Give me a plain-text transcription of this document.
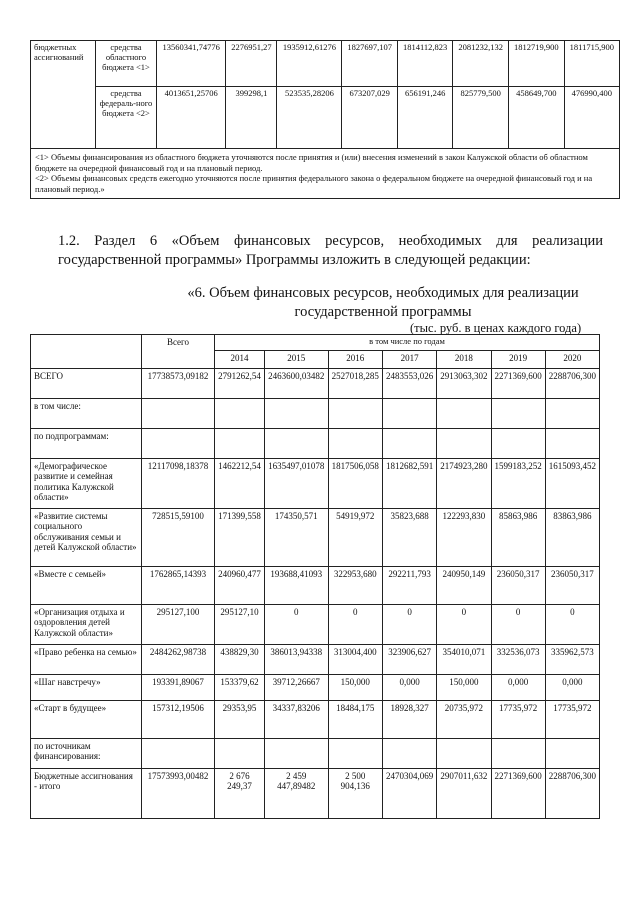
бюджетных ассигнований	средства областного бюджета <1>	13560341,74776	2276951,27	1935912,61276	1827697,107	1814112,823	2081232,132	1812719,900	1811715,900
	средства федераль-ного бюджета <2>	4013651,25706	399298,1	523535,28206	673207,029	656191,246	825779,500	458649,700	476990,400

<1> Объемы финансирования из областного бюджета уточняются после принятия и (или) внесения изменений в закон Калужской области об областном бюджете на очередной финансовый год и на плановый период.
<2> Объемы финансовых средств ежегодно уточняются после принятия федерального закона о федеральном бюджете на очередной финансовый год и на плановый период.»									
1.2. Раздел 6 «Объем финансовых ресурсов, необходимых для реализации государственной программы» Программы изложить в следующей редакции:
«6. Объем финансовых ресурсов, необходимых для реализации государственной программы
(тыс. руб. в ценах каждого года)
	Всего	в том числе по годам						
		2014	2015	2016	2017	2018	2019	2020
ВСЕГО	17738573,09182	2791262,54	2463600,03482	2527018,285	2483553,026	2913063,302	2271369,600	2288706,300
в том числе:								
по подпрограммам:								
«Демографическое развитие и семейная политика Калужской области»	12117098,18378	1462212,54	1635497,01078	1817506,058	1812682,591	2174923,280	1599183,252	1615093,452
«Развитие системы социального обслуживания семьи и детей Калужской области»	728515,59100	171399,558	174350,571	54919,972	35823,688	122293,830	85863,986	83863,986
«Вместе с семьей»	1762865,14393	240960,477	193688,41093	322953,680	292211,793	240950,149	236050,317	236050,317
«Организация отдыха и оздоровления детей Калужской области»	295127,100	295127,10	0	0	0	0	0	0
«Право ребенка на семью»	2484262,98738	438829,30	386013,94338	313004,400	323906,627	354010,071	332536,073	335962,573
«Шаг навстречу»	193391,89067	153379,62	39712,26667	150,000	0,000	150,000	0,000	0,000
«Старт в будущее»	157312,19506	29353,95	34337,83206	18484,175	18928,327	20735,972	17735,972	17735,972
по источникам финансирования:								
Бюджетные ассигнования - итого	17573993,00482	2 676 249,37	2 459 447,89482	2 500 904,136	2470304,069	2907011,632	2271369,600	2288706,300
